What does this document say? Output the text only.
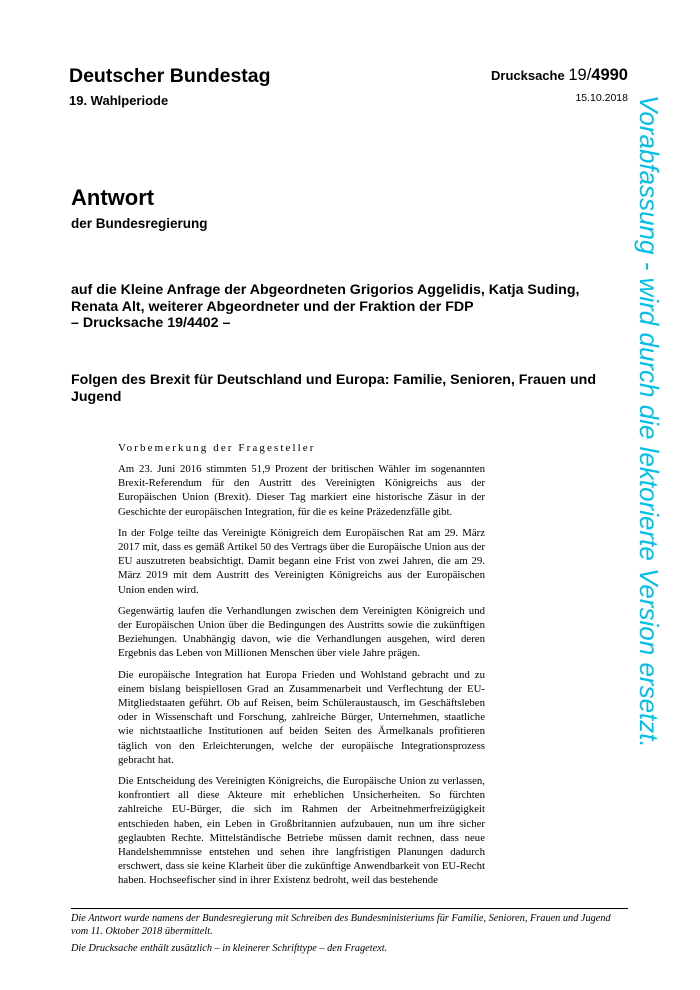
Deutscher Bundestag
19. Wahlperiode
Drucksache 19/4990
15.10.2018
Antwort
der Bundesregierung
auf die Kleine Anfrage der Abgeordneten Grigorios Aggelidis, Katja Suding,
Renata Alt, weiterer Abgeordneter und der Fraktion der FDP
– Drucksache 19/4402 –
Folgen des Brexit für Deutschland und Europa: Familie, Senioren, Frauen und Jugend
Vorbemerkung der Fragesteller

Am 23. Juni 2016 stimmten 51,9 Prozent der britischen Wähler im sogenannten Brexit-Referendum für den Austritt des Vereinigten Königreichs aus der Europäischen Union (Brexit). Dieser Tag markiert eine historische Zäsur in der Geschichte der europäischen Integration, für die es keine Präzedenzfälle gibt.

In der Folge teilte das Vereinigte Königreich dem Europäischen Rat am 29. März 2017 mit, dass es gemäß Artikel 50 des Vertrags über die Europäische Union aus der EU auszutreten beabsichtigt. Damit begann eine Frist von zwei Jahren, die am 29. März 2019 mit dem Austritt des Vereinigten Königreichs aus der Europäischen Union enden wird.

Gegenwärtig laufen die Verhandlungen zwischen dem Vereinigten Königreich und der Europäischen Union über die Bedingungen des Austritts sowie die zukünftigen Beziehungen. Unabhängig davon, wie die Verhandlungen ausgehen, wird deren Ergebnis das Leben von Millionen Menschen über viele Jahre prägen.

Die europäische Integration hat Europa Frieden und Wohlstand gebracht und zu einem bislang beispiellosen Grad an Zusammenarbeit und Verflechtung der EU-Mitgliedstaaten geführt. Ob auf Reisen, beim Schüleraustausch, im Geschäftsleben oder in Wissenschaft und Forschung, zahlreiche Bürger, Unternehmen, staatliche wie nichtstaatliche Institutionen auf beiden Seiten des Ärmelkanals profitieren täglich von den Erleichterungen, welche der europäische Integrationsprozess gebracht hat.

Die Entscheidung des Vereinigten Königreichs, die Europäische Union zu verlassen, konfrontiert all diese Akteure mit erheblichen Unsicherheiten. So fürchten zahlreiche EU-Bürger, die sich im Rahmen der Arbeitnehmerfreizügigkeit entschieden haben, ein Leben in Großbritannien aufzubauen, nun um ihre sicher geglaubten Rechte. Mittelständische Betriebe müssen damit rechnen, dass neue Handelshemmnisse entstehen und sehen ihre langfristigen Planungen dadurch erschwert, dass sie keine Klarheit über die zukünftige Anwendbarkeit von EU-Recht haben. Hochseefischer sind in ihrer Existenz bedroht, weil das bestehende

Die Antwort wurde namens der Bundesregierung mit Schreiben des Bundesministeriums für Familie, Senioren, Frauen und Jugend vom 11. Oktober 2018 übermittelt.

Die Drucksache enthält zusätzlich – in kleinerer Schrifttype – den Fragetext.

Vorabfassung - wird durch die lektorierte Version ersetzt.
